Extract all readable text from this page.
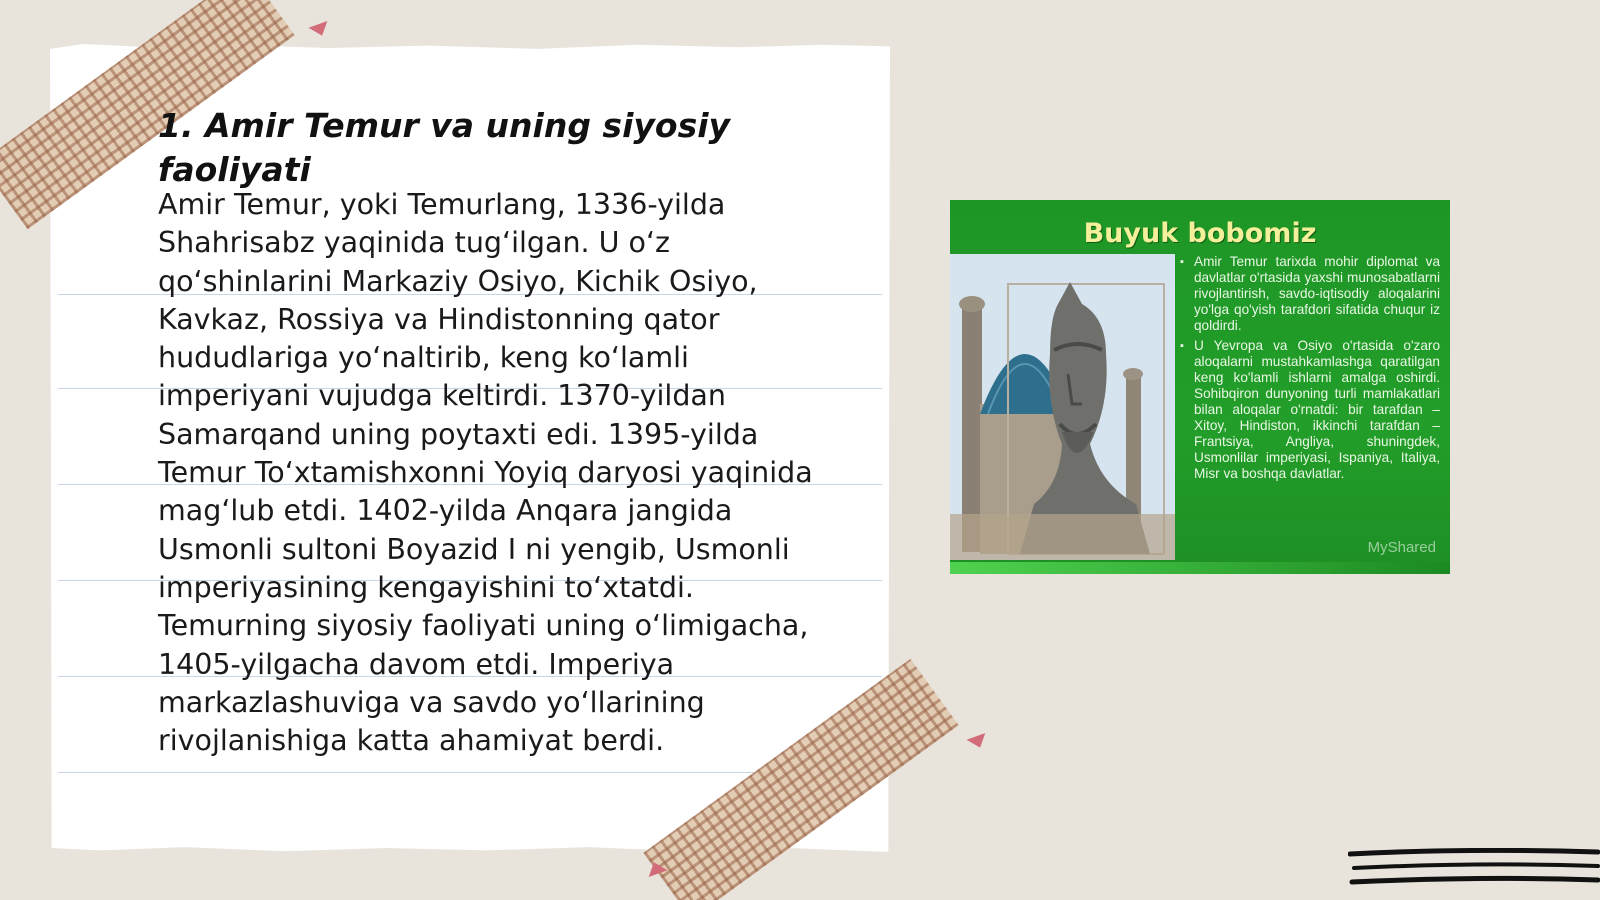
1. Amir Temur va uning siyosiy faoliyati

Amir Temur, yoki Temurlang, 1336-yilda Shahrisabz yaqinida tug‘ilgan. U o‘z qo‘shinlarini Markaziy Osiyo, Kichik Osiyo, Kavkaz, Rossiya va Hindistonning qator hududlariga yo‘naltirib, keng ko‘lamli imperiyani vujudga keltirdi. 1370-yildan Samarqand uning poytaxti edi. 1395-yilda Temur To‘xtamishxonni Yoyiq daryosi yaqinida mag‘lub etdi. 1402-yilda Anqara jangida Usmonli sultoni Boyazid I ni yengib, Usmonli imperiyasining kengayishini to‘xtatdi. Temurning siyosiy faoliyati uning o‘limigacha, 1405-yilgacha davom etdi. Imperiya markazlashuviga va savdo yo‘llarining rivojlanishiga katta ahamiyat berdi.

Buyuk bobomiz
▪ Amir Temur tarixda mohir diplomat va davlatlar o'rtasida yaxshi munosabatlarni rivojlantirish, savdo-iqtisodiy aloqalarini yo'lga qo'yish tarafdori sifatida chuqur iz qoldirdi.
▪ U Yevropa va Osiyo o'rtasida o'zaro aloqalarni mustahkamlashga qaratilgan keng ko'lamli ishlarni amalga oshirdi. Sohibqiron dunyoning turli mamlakatlari bilan aloqalar o'rnatdi: bir tarafdan – Xitoy, Hindiston, ikkinchi tarafdan – Frantsiya, Angliya, shuningdek, Usmonlilar imperiyasi, Ispaniya, Italiya, Misr va boshqa davlatlar.
MyShared
